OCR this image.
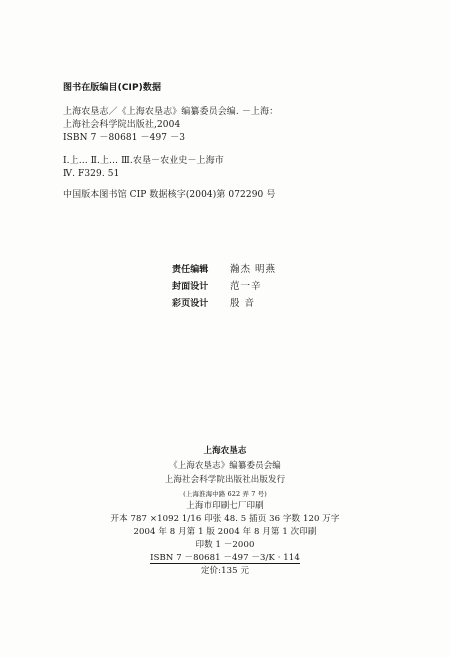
图书在版编目(CIP)数据
上海农垦志／《上海农垦志》编纂委员会编. －上海：
上海社会科学院出版社,2004
ISBN 7 －80681 －497 －3
Ⅰ.上… Ⅱ.上… Ⅲ.农垦－农业史－上海市
Ⅳ. F329. 51
中国版本图书馆 CIP 数据核字(2004)第 072290 号
责任编辑 瀚杰 明燕
封面设计 范一辛
彩页设计 殷 音
上海农垦志
《上海农垦志》编纂委员会编
上海社会科学院出版社出版发行
(上海淮海中路 622 弄 7 号)
上海市印刷七厂印刷
开本 787 ×1092 1/16 印张 48. 5 插页 36 字数 120 万字
2004 年 8 月第 1 版 2004 年 8 月第 1 次印刷
印数 1 －2000
ISBN 7 －80681 －497 －3/K · 114
定价:135 元
